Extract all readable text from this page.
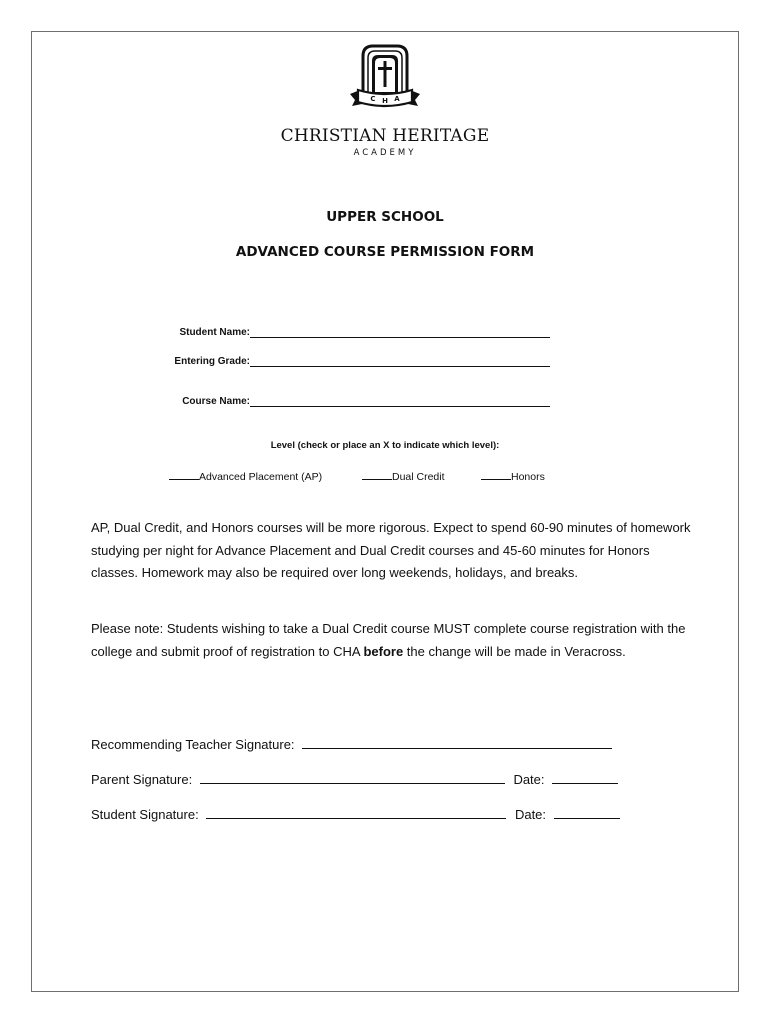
C H A
CHRISTIAN HERITAGE
ACADEMY
UPPER SCHOOL
ADVANCED COURSE PERMISSION FORM
Student Name:
Entering Grade:
Course Name:
Level (check or place an X to indicate which level):
Advanced Placement (AP)	Dual Credit	Honors

AP, Dual Credit, and Honors courses will be more rigorous. Expect to spend 60-90 minutes of homework studying per night for Advance Placement and Dual Credit courses and 45-60 minutes for Honors classes. Homework may also be required over long weekends, holidays, and breaks.

Please note: Students wishing to take a Dual Credit course MUST complete course registration with the college and submit proof of registration to CHA before the change will be made in Veracross.

Recommending Teacher Signature:
Parent Signature:	Date:
Student Signature:	Date:
